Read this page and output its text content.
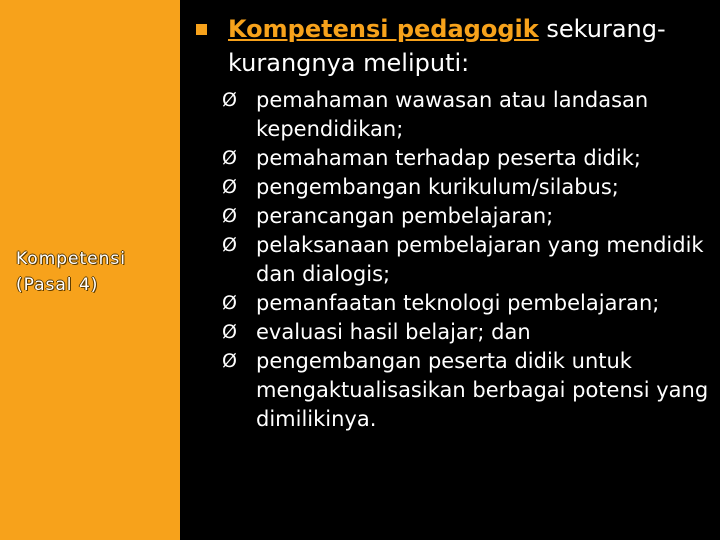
Kompetensi
(Pasal 4)
Kompetensi pedagogik sekurang-kurangnya meliputi:
Ø pemahaman wawasan atau landasan kependidikan;
Ø pemahaman terhadap peserta didik;
Ø pengembangan kurikulum/silabus;
Ø perancangan pembelajaran;
Ø pelaksanaan pembelajaran yang mendidik dan dialogis;
Ø pemanfaatan teknologi pembelajaran;
Ø evaluasi hasil belajar; dan
Ø pengembangan peserta didik untuk mengaktualisasikan berbagai potensi yang dimilikinya.
